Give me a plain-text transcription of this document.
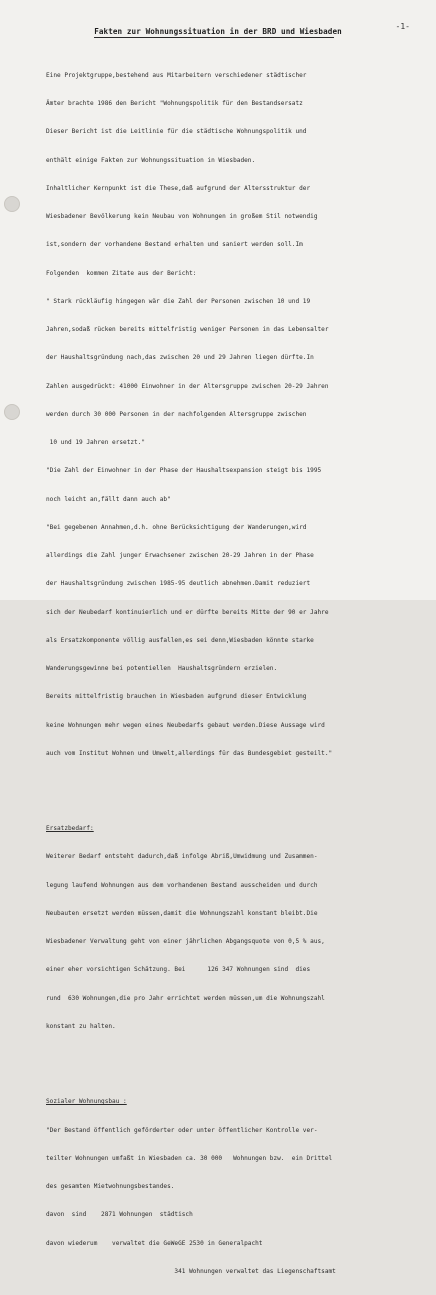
-1-
Fakten zur Wohnungssituation in der BRD und Wiesbaden

Eine Projektgruppe,bestehend aus Mitarbeitern verschiedener städtischer

Ämter brachte 1986 den Bericht "Wohnungspolitik für den Bestandsersatz

Dieser Bericht ist die Leitlinie für die städtische Wohnungspolitik und

enthält einige Fakten zur Wohnungssituation in Wiesbaden.

Inhaltlicher Kernpunkt ist die These,daß aufgrund der Altersstruktur der

Wiesbadener Bevölkerung kein Neubau von Wohnungen in großem Stil notwendig

ist,sondern der vorhandene Bestand erhalten und saniert werden soll.Im

Folgenden  kommen Zitate aus der Bericht:

" Stark rückläufig hingegen wär die Zahl der Personen zwischen 10 und 19

Jahren,sodaß rücken bereits mittelfristig weniger Personen in das Lebensalter

der Haushaltsgründung nach,das zwischen 20 und 29 Jahren liegen dürfte.In

Zahlen ausgedrückt: 41000 Einwohner in der Altersgruppe zwischen 20-29 Jahren

werden durch 30 000 Personen in der nachfolgenden Altersgruppe zwischen

10 und 19 Jahren ersetzt."

"Die Zahl der Einwohner in der Phase der Haushaltsexpansion steigt bis 1995

noch leicht an,fällt dann auch ab"

"Bei gegebenen Annahmen,d.h. ohne Berücksichtigung der Wanderungen,wird

allerdings die Zahl junger Erwachsener zwischen 20-29 Jahren in der Phase

der Haushaltsgründung zwischen 1985-95 deutlich abnehmen.Damit reduziert

sich der Neubedarf kontinuierlich und er dürfte bereits Mitte der 90 er Jahre

als Ersatzkomponente völlig ausfallen,es sei denn,Wiesbaden könnte starke

Wanderungsgewinne bei potentiellen  Haushaltsgründern erzielen.

Bereits mittelfristig brauchen in Wiesbaden aufgrund dieser Entwicklung

keine Wohnungen mehr wegen eines Neubedarfs gebaut werden.Diese Aussage wird

auch vom Institut Wohnen und Umwelt,allerdings für das Bundesgebiet gesteilt."

Ersatzbedarf:

Weiterer Bedarf entsteht dadurch,daß infolge Abriß,Umwidmung und Zusammen-

legung laufend Wohnungen aus dem vorhandenen Bestand ausscheiden und durch

Neubauten ersetzt werden müssen,damit die Wohnungszahl konstant bleibt.Die

Wiesbadener Verwaltung geht von einer jährlichen Abgangsquote von 0,5 % aus,

einer eher vorsichtigen Schätzung. Bei      126 347 Wohnungen sind  dies

rund  630 Wohnungen,die pro Jahr errichtet werden müssen,um die Wohnungszahl

konstant zu halten.

Sozialer Wohnungsbau :

"Der Bestand öffentlich geförderter oder unter öffentlicher Kontrolle ver-

teilter Wohnungen umfaßt in Wiesbaden ca. 30 000   Wohnungen bzw.  ein Drittel

des gesamten Mietwohnungsbestandes.

davon  sind    2871 Wohnungen  städtisch

davon wiederum    verwaltet die GeWeGE 2530 in Generalpacht

341 Wohnungen verwaltet das Liegenschaftsamt
